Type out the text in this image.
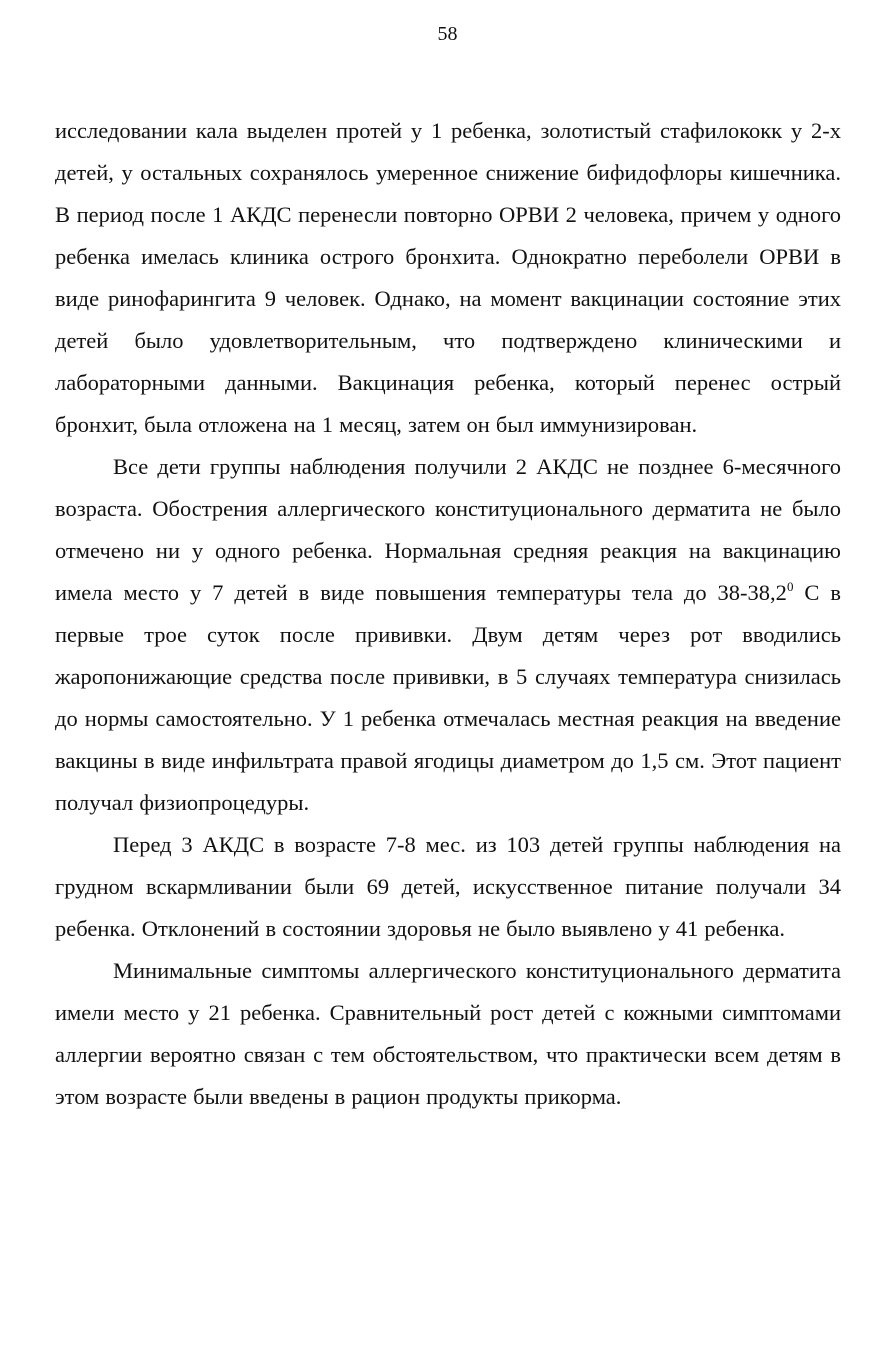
58

исследовании кала выделен протей у 1 ребенка, золотистый стафилококк у 2-х детей, у остальных сохранялось умеренное снижение бифидофлоры кишечника. В период после 1 АКДС перенесли повторно ОРВИ 2 человека, причем у одного ребенка имелась клиника острого бронхита. Однократно переболели ОРВИ в виде ринофарингита 9 человек. Однако, на момент вакцинации состояние этих детей было удовлетворительным, что подтверждено клиническими и лабораторными данными. Вакцинация ребенка, который перенес острый бронхит, была отложена на 1 месяц, затем он был иммунизирован.

Все дети группы наблюдения получили 2 АКДС не позднее 6-месячного возраста. Обострения аллергического конституционального дерматита не было отмечено ни у одного ребенка. Нормальная средняя реакция на вакцинацию имела место у 7 детей в виде повышения температуры тела до 38-38,2$^0$ С в первые трое суток после прививки. Двум детям через рот вводились жаропонижающие средства после прививки, в 5 случаях температура снизилась до нормы самостоятельно. У 1 ребенка отмечалась местная реакция на введение вакцины в виде инфильтрата правой ягодицы диаметром до 1,5 см. Этот пациент получал физиопроцедуры.

Перед 3 АКДС в возрасте 7-8 мес. из 103 детей группы наблюдения на грудном вскармливании были 69 детей, искусственное питание получали 34 ребенка. Отклонений в состоянии здоровья не было выявлено у 41 ребенка.

Минимальные симптомы аллергического конституционального дерматита имели место у 21 ребенка. Сравнительный рост детей с кожными симптомами аллергии вероятно связан с тем обстоятельством, что практически всем детям в этом возрасте были введены в рацион продукты прикорма.
